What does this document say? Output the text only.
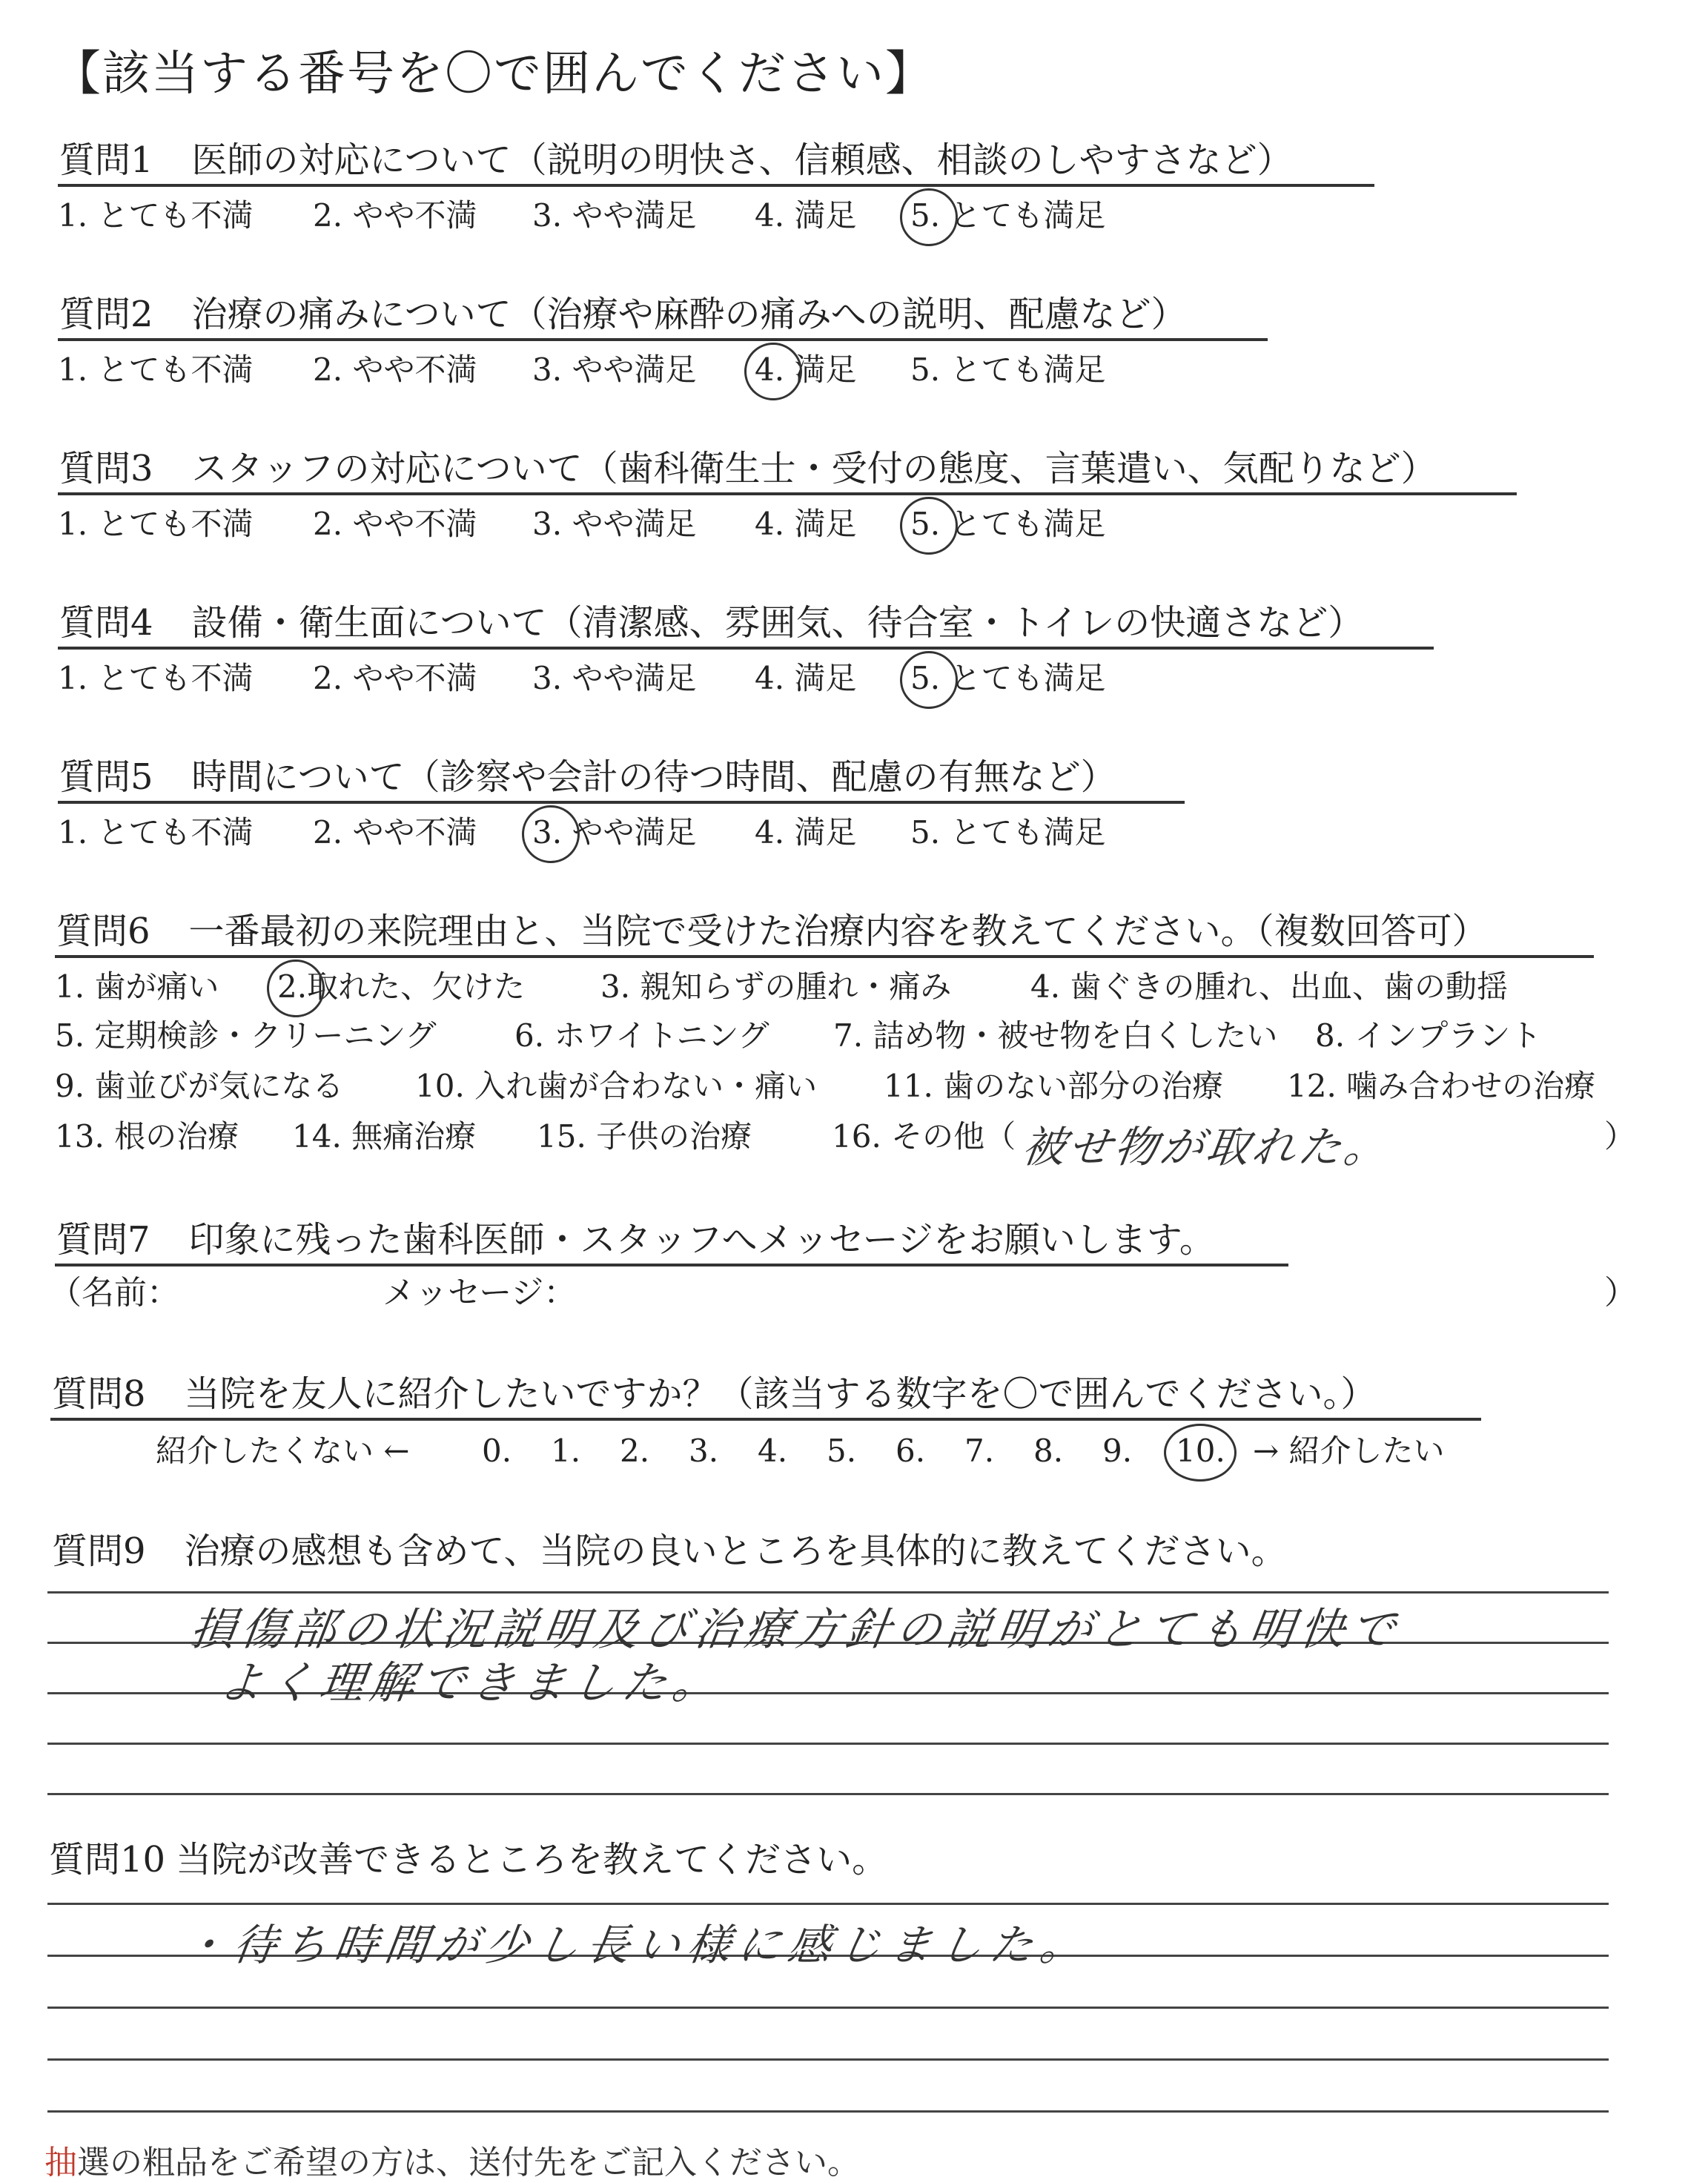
【該当する番号を〇で囲んでください】
質問1 医師の対応について（説明の明快さ、信頼感、相談のしやすさなど）
1. とても不満 2. やや不満 3. やや満足 4. 満足 5. とても満足
質問2 治療の痛みについて（治療や麻酔の痛みへの説明、配慮など）
1. とても不満 2. やや不満 3. やや満足 4. 満足 5. とても満足
質問3 スタッフの対応について（歯科衛生士・受付の態度、言葉遣い、気配りなど）
1. とても不満 2. やや不満 3. やや満足 4. 満足 5. とても満足
質問4 設備・衛生面について（清潔感、雰囲気、待合室・トイレの快適さなど）
1. とても不満 2. やや不満 3. やや満足 4. 満足 5. とても満足
質問5 時間について（診察や会計の待つ時間、配慮の有無など）
1. とても不満 2. やや不満 3. やや満足 4. 満足 5. とても満足
質問6 一番最初の来院理由と、当院で受けた治療内容を教えてください。（複数回答可）
1. 歯が痛い 2.取れた、欠けた 3. 親知らずの腫れ・痛み	4. 歯ぐきの腫れ、出血、歯の動揺
5. 定期検診・クリーニング	6. ホワイトニング 7. 詰め物・被せ物を白くしたい 8. インプラント
9. 歯並びが気になる 10. 入れ歯が合わない・痛い 11. 歯のない部分の治療 12. 噛み合わせの治療
13. 根の治療 14. 無痛治療 15. 子供の治療	16. その他（	）
被せ物が取れた。
質問7 印象に残った歯科医師・スタッフへメッセージをお願いします。
（名前：	メッセージ：	）
質問8 当院を友人に紹介したいですか？（該当する数字を〇で囲んでください。）
紹介したくない ← 0. 1. 2. 3. 4. 5. 6. 7. 8. 9. 10. → 紹介したい
質問9 治療の感想も含めて、当院の良いところを具体的に教えてください。
損傷部の状況説明及び治療方針の説明がとても明快で
よく理解できました。
質問10 当院が改善できるところを教えてください。
・待ち時間が少し長い様に感じました。
抽選の粗品をご希望の方は、送付先をご記入ください。
